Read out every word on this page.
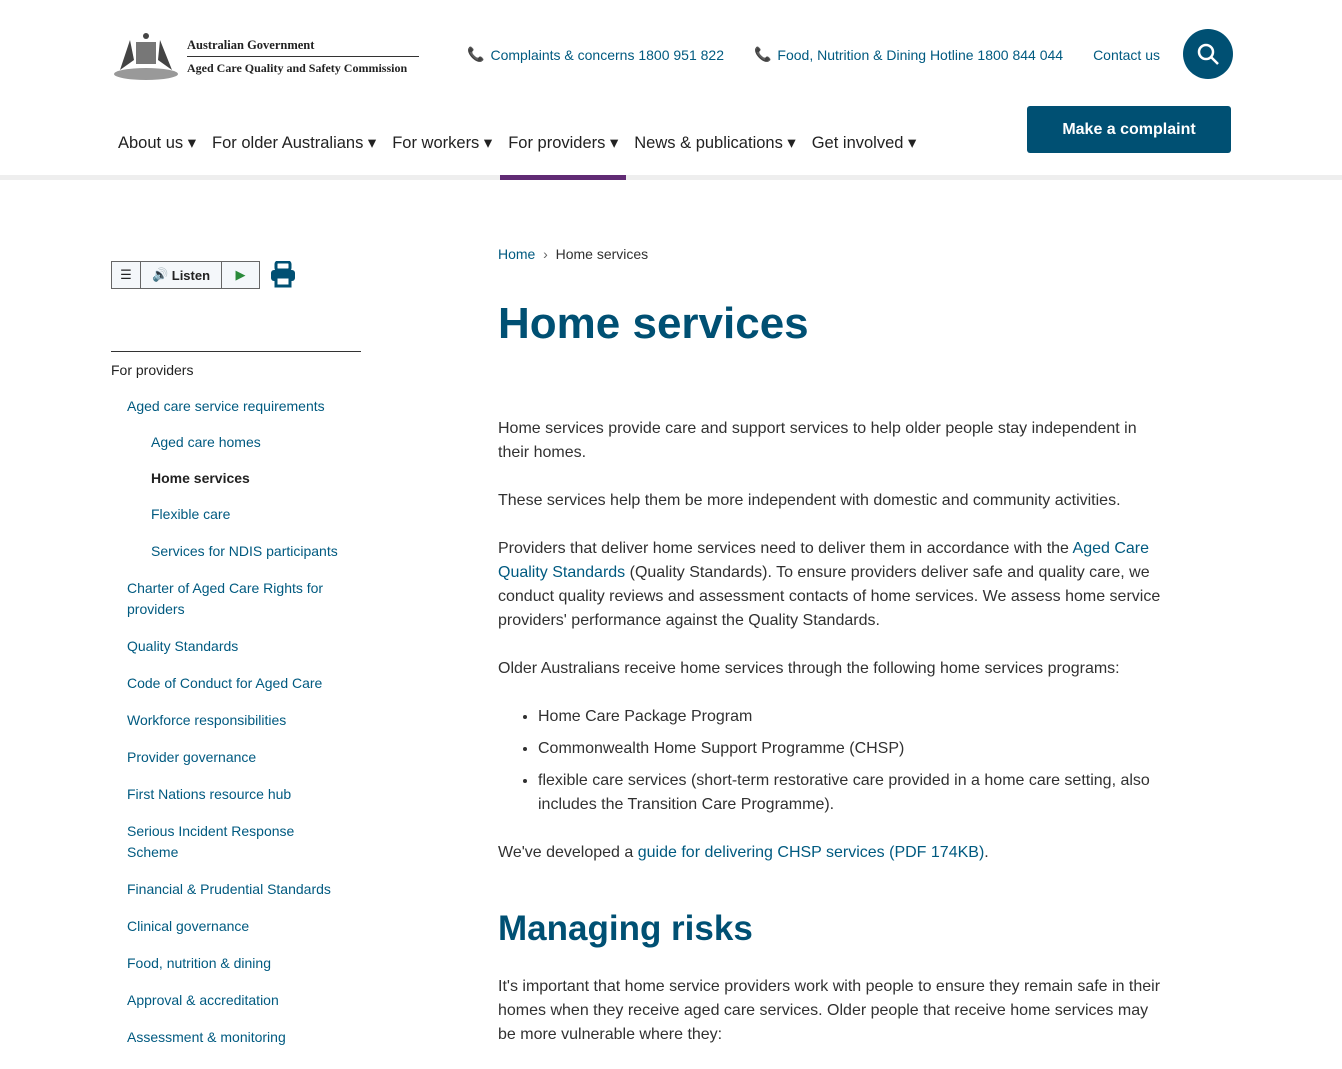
Australian Government
Aged Care Quality and Safety Commission
📞 Complaints & concerns 1800 951 822 📞 Food, Nutrition & Dining Hotline 1800 844 044 Contact us
Make a complaint
About us ▾ For older Australians ▾ For workers ▾ For providers ▾ News & publications ▾ Get involved ▾
☰ 🔊 Listen ▶
For providers
Aged care service requirements
Aged care homes
Home services
Flexible care
Services for NDIS participants
Charter of Aged Care Rights for providers
Quality Standards
Code of Conduct for Aged Care
Workforce responsibilities
Provider governance
First Nations resource hub
Serious Incident Response Scheme
Financial & Prudential Standards
Clinical governance
Food, nutrition & dining
Approval & accreditation
Assessment & monitoring
Home  ›  Home services
Home services

Home services provide care and support services to help older people stay independent in their homes.

These services help them be more independent with domestic and community activities.

Providers that deliver home services need to deliver them in accordance with the Aged Care Quality Standards (Quality Standards). To ensure providers deliver safe and quality care, we conduct quality reviews and assessment contacts of home services. We assess home service providers' performance against the Quality Standards.

Older Australians receive home services through the following home services programs:

• Home Care Package Program
• Commonwealth Home Support Programme (CHSP)
• flexible care services (short-term restorative care provided in a home care setting, also includes the Transition Care Programme).

We've developed a guide for delivering CHSP services (PDF 174KB).

Managing risks

It's important that home service providers work with people to ensure they remain safe in their homes when they receive aged care services. Older people that receive home services may be more vulnerable where they:
